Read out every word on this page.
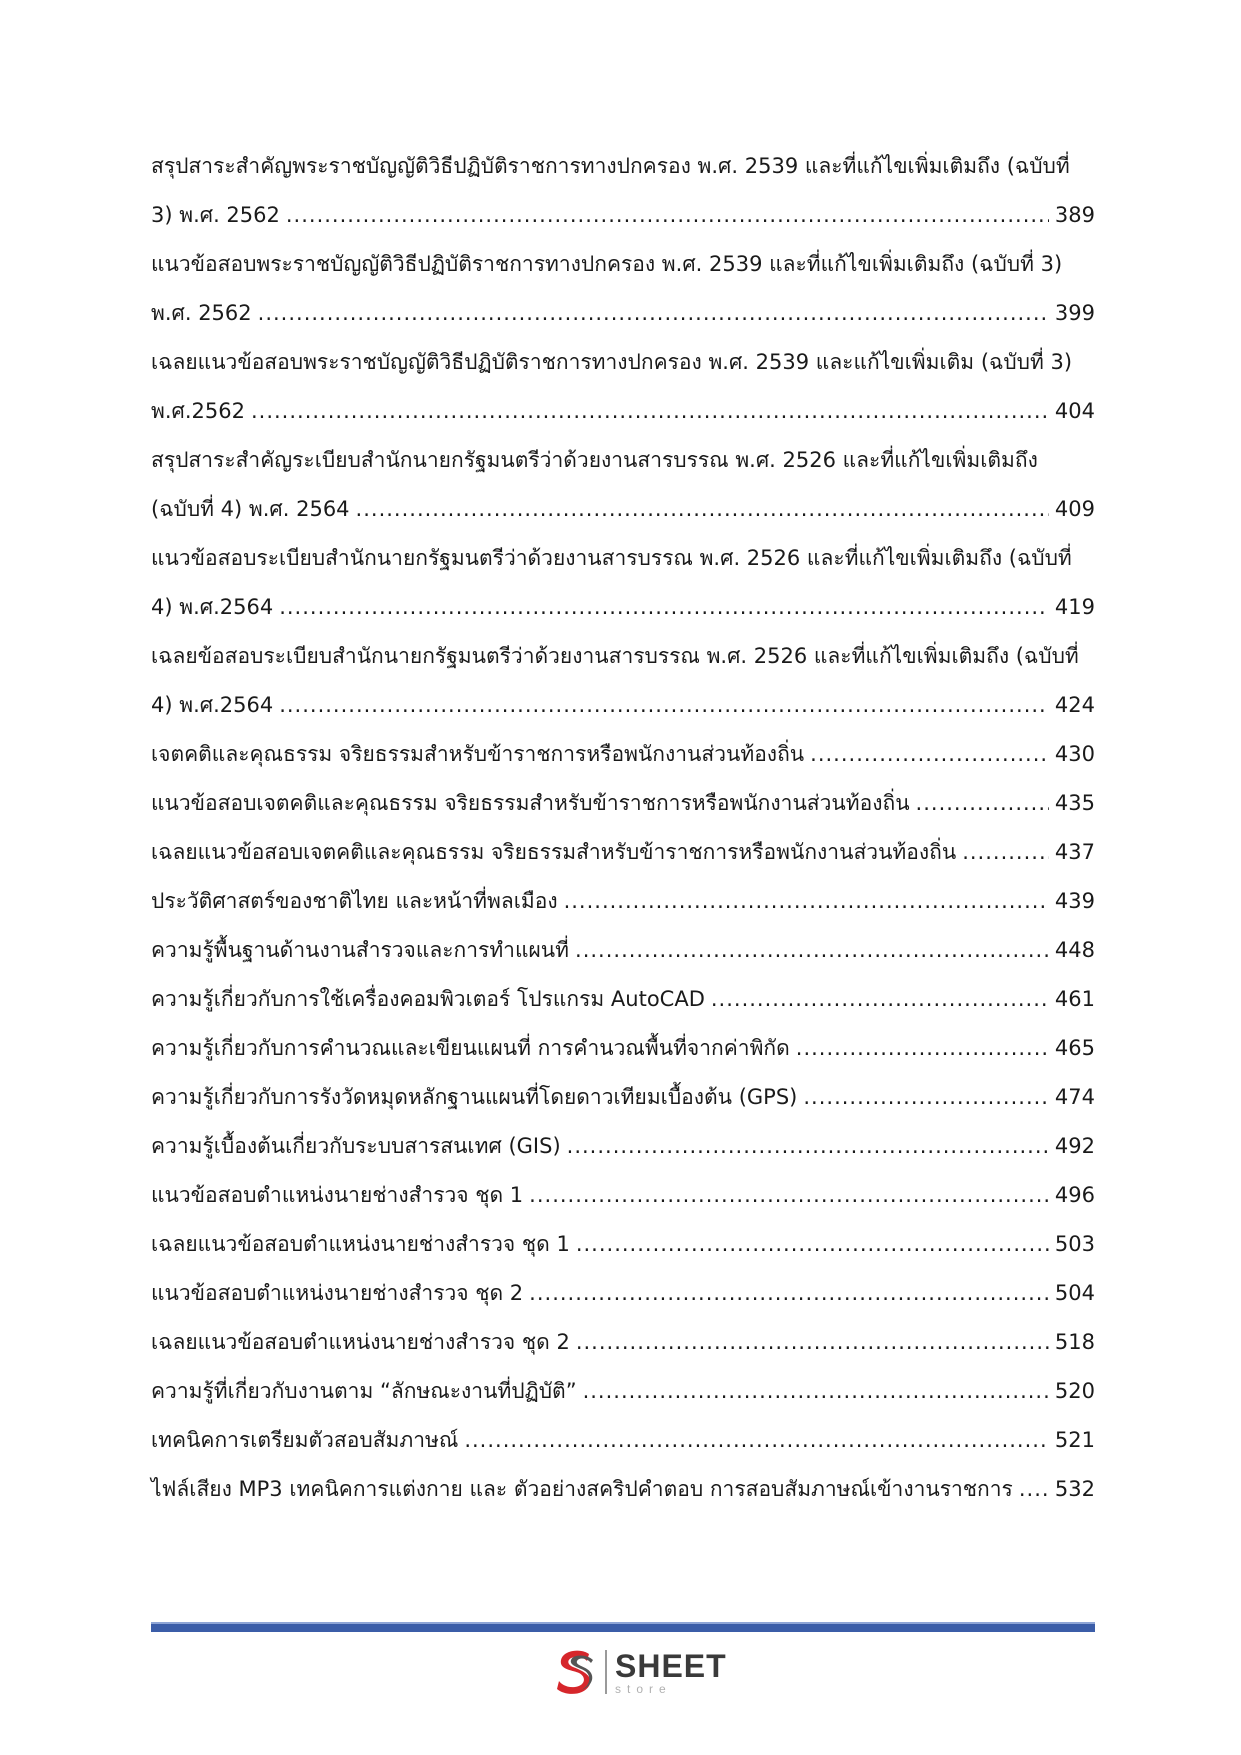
สรุปสาระสำคัญพระราชบัญญัติวิธีปฏิบัติราชการทางปกครอง พ.ศ. 2539 และที่แก้ไขเพิ่มเติมถึง (ฉบับที่
3) พ.ศ. 2562 .....	389
แนวข้อสอบพระราชบัญญัติวิธีปฏิบัติราชการทางปกครอง พ.ศ. 2539 และที่แก้ไขเพิ่มเติมถึง (ฉบับที่ 3)
พ.ศ. 2562 .....	399
เฉลยแนวข้อสอบพระราชบัญญัติวิธีปฏิบัติราชการทางปกครอง พ.ศ. 2539 และแก้ไขเพิ่มเติม (ฉบับที่ 3)
พ.ศ.2562 .....	404
สรุปสาระสำคัญระเบียบสำนักนายกรัฐมนตรีว่าด้วยงานสารบรรณ พ.ศ. 2526 และที่แก้ไขเพิ่มเติมถึง
(ฉบับที่ 4) พ.ศ. 2564 .....	409
แนวข้อสอบระเบียบสำนักนายกรัฐมนตรีว่าด้วยงานสารบรรณ พ.ศ. 2526 และที่แก้ไขเพิ่มเติมถึง (ฉบับที่
4) พ.ศ.2564 .....	419
เฉลยข้อสอบระเบียบสำนักนายกรัฐมนตรีว่าด้วยงานสารบรรณ พ.ศ. 2526 และที่แก้ไขเพิ่มเติมถึง (ฉบับที่
4) พ.ศ.2564 .....	424
เจตคติและคุณธรรม จริยธรรมสำหรับข้าราชการหรือพนักงานส่วนท้องถิ่น .....	430
แนวข้อสอบเจตคติและคุณธรรม จริยธรรมสำหรับข้าราชการหรือพนักงานส่วนท้องถิ่น .....	435
เฉลยแนวข้อสอบเจตคติและคุณธรรม จริยธรรมสำหรับข้าราชการหรือพนักงานส่วนท้องถิ่น .....	437
ประวัติศาสตร์ของชาติไทย และหน้าที่พลเมือง .....	439
ความรู้พื้นฐานด้านงานสำรวจและการทำแผนที่ .....	448
ความรู้เกี่ยวกับการใช้เครื่องคอมพิวเตอร์ โปรแกรม AutoCAD .....	461
ความรู้เกี่ยวกับการคำนวณและเขียนแผนที่ การคำนวณพื้นที่จากค่าพิกัด .....	465
ความรู้เกี่ยวกับการรังวัดหมุดหลักฐานแผนที่โดยดาวเทียมเบื้องต้น (GPS) .....	474
ความรู้เบื้องต้นเกี่ยวกับระบบสารสนเทศ (GIS) .....	492
แนวข้อสอบตำแหน่งนายช่างสำรวจ ชุด 1 .....	496
เฉลยแนวข้อสอบตำแหน่งนายช่างสำรวจ ชุด 1 .....	503
แนวข้อสอบตำแหน่งนายช่างสำรวจ ชุด 2 .....	504
เฉลยแนวข้อสอบตำแหน่งนายช่างสำรวจ ชุด 2 .....	518
ความรู้ที่เกี่ยวกับงานตาม “ลักษณะงานที่ปฏิบัติ” .....	520
เทคนิคการเตรียมตัวสอบสัมภาษณ์ .....	521
ไฟล์เสียง MP3 เทคนิคการแต่งกาย และ ตัวอย่างสคริปคำตอบ การสอบสัมภาษณ์เข้างานราชการ ..... 532
SHEET
store
